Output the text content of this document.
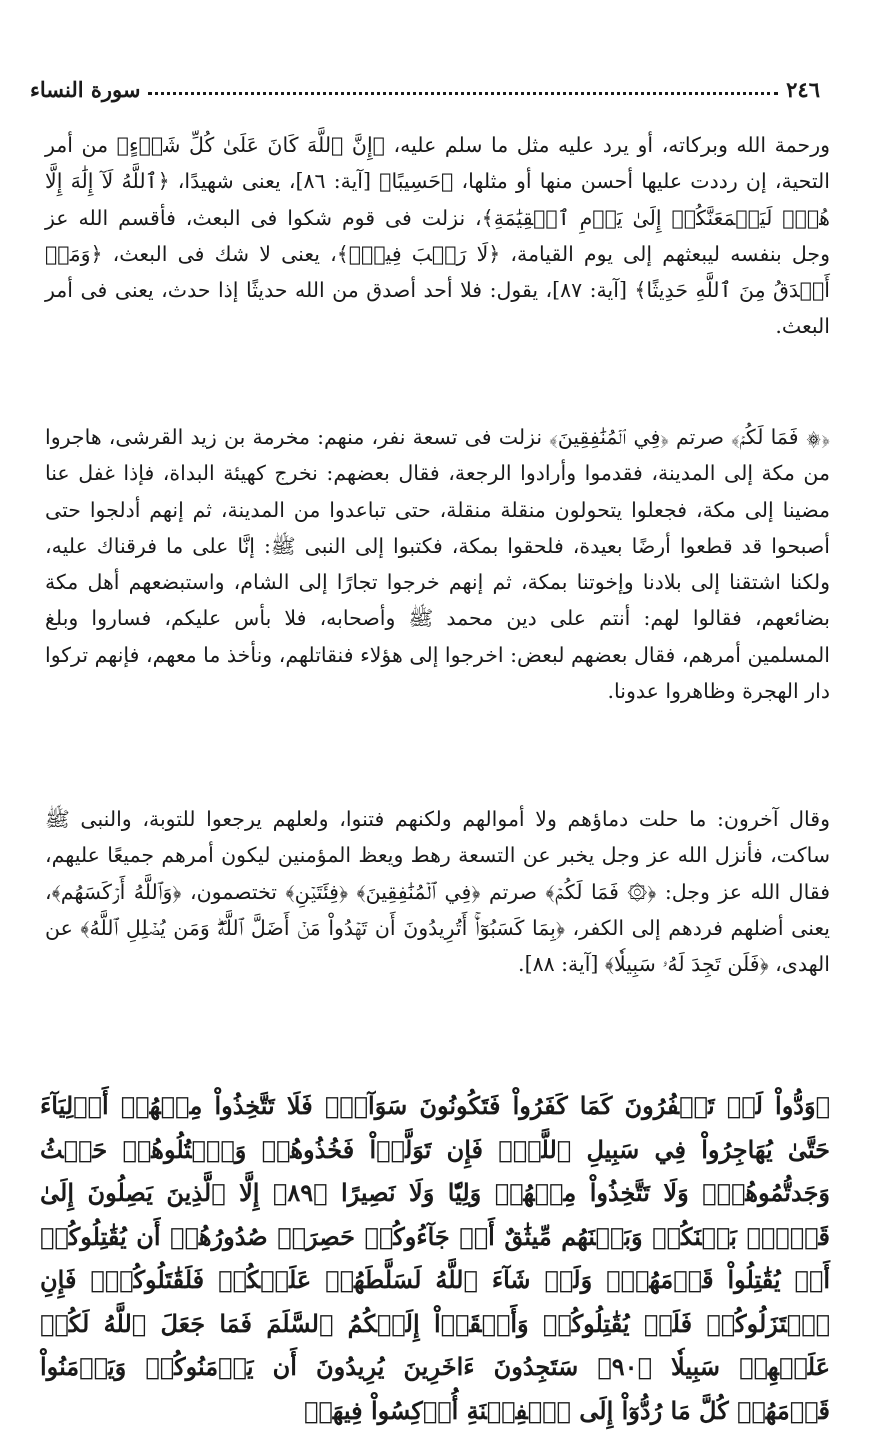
٢٤٦
سورة النساء

ورحمة الله وبركاته، أو يرد عليه مثل ما سلم عليه، ﴿إِنَّ ٱللَّهَ كَانَ عَلَىٰ كُلِّ شَيۡءٍ﴾ من أمر التحية، إن رددت عليها أحسن منها أو مثلها، ﴿حَسِيبًا﴾ [آية: ٨٦]، يعنى شهيدًا، ﴿ٱللَّهُ لَآ إِلَٰهَ إِلَّا هُوَۚ لَيَجۡمَعَنَّكُمۡ إِلَىٰ يَوۡمِ ٱلۡقِيَٰمَةِ﴾، نزلت فى قوم شكوا فى البعث، فأقسم الله عز وجل بنفسه ليبعثهم إلى يوم القيامة، ﴿لَا رَيۡبَ فِيهِۗ﴾، يعنى لا شك فى البعث، ﴿وَمَنۡ أَصۡدَقُ مِنَ ٱللَّهِ حَدِيثًا﴾ [آية: ٨٧]، يقول: فلا أحد أصدق من الله حديثًا إذا حدث، يعنى فى أمر البعث.

﴿۞ فَمَا لَكُمۡ﴾ صرتم ﴿فِي ٱلۡمُنَٰفِقِينَ﴾ نزلت فى تسعة نفر، منهم: مخرمة بن زيد القرشى، هاجروا من مكة إلى المدينة، فقدموا وأرادوا الرجعة، فقال بعضهم: نخرج كهيئة البداة، فإذا غفل عنا مضينا إلى مكة، فجعلوا يتحولون منقلة منقلة، حتى تباعدوا من المدينة، ثم إنهم أدلجوا حتى أصبحوا قد قطعوا أرضًا بعيدة، فلحقوا بمكة، فكتبوا إلى النبى ﷺ: إنَّا على ما فرقناك عليه، ولكنا اشتقنا إلى بلادنا وإخوتنا بمكة، ثم إنهم خرجوا تجارًا إلى الشام، واستبضعهم أهل مكة بضائعهم، فقالوا لهم: أنتم على دين محمد ﷺ وأصحابه، فلا بأس عليكم، فساروا وبلغ المسلمين أمرهم، فقال بعضهم لبعض: اخرجوا إلى هؤلاء فنقاتلهم، ونأخذ ما معهم، فإنهم تركوا دار الهجرة وظاهروا عدونا.

وقال آخرون: ما حلت دماؤهم ولا أموالهم ولكنهم فتنوا، ولعلهم يرجعوا للتوبة، والنبى ﷺ ساكت، فأنزل الله عز وجل يخبر عن التسعة رهط ويعظ المؤمنين ليكون أمرهم جميعًا عليهم، فقال الله عز وجل: ﴿۞ فَمَا لَكُمۡ﴾ صرتم ﴿فِي ٱلۡمُنَٰفِقِينَ﴾ ﴿فِئَتَيۡنِ﴾ تختصمون، ﴿وَٱللَّهُ أَرۡكَسَهُم﴾، يعنى أضلهم فردهم إلى الكفر، ﴿بِمَا كَسَبُوٓاْۚ أَتُرِيدُونَ أَن تَهۡدُواْ مَنۡ أَضَلَّ ٱللَّهُۖ وَمَن يُضۡلِلِ ٱللَّهُ﴾ عن الهدى، ﴿فَلَن تَجِدَ لَهُۥ سَبِيلٗا﴾ [آية: ٨٨].

﴿وَدُّواْ لَوۡ تَكۡفُرُونَ كَمَا كَفَرُواْ فَتَكُونُونَ سَوَآءٗۖ فَلَا تَتَّخِذُواْ مِنۡهُمۡ أَوۡلِيَآءَ حَتَّىٰ يُهَاجِرُواْ فِي سَبِيلِ ٱللَّهِۚ فَإِن تَوَلَّوۡاْ فَخُذُوهُمۡ وَٱقۡتُلُوهُمۡ حَيۡثُ وَجَدتُّمُوهُمۡۖ وَلَا تَتَّخِذُواْ مِنۡهُمۡ وَلِيّٗا وَلَا نَصِيرًا ﴿٨٩﴾ إِلَّا ٱلَّذِينَ يَصِلُونَ إِلَىٰ قَوۡمِۭ بَيۡنَكُمۡ وَبَيۡنَهُم مِّيثَٰقٌ أَوۡ جَآءُوكُمۡ حَصِرَتۡ صُدُورُهُمۡ أَن يُقَٰتِلُوكُمۡ أَوۡ يُقَٰتِلُواْ قَوۡمَهُمۡۚ وَلَوۡ شَآءَ ٱللَّهُ لَسَلَّطَهُمۡ عَلَيۡكُمۡ فَلَقَٰتَلُوكُمۡۚ فَإِنِ ٱعۡتَزَلُوكُمۡ فَلَمۡ يُقَٰتِلُوكُمۡ وَأَلۡقَوۡاْ إِلَيۡكُمُ ٱلسَّلَمَ فَمَا جَعَلَ ٱللَّهُ لَكُمۡ عَلَيۡهِمۡ سَبِيلٗا ﴿٩٠﴾ سَتَجِدُونَ ءَاخَرِينَ يُرِيدُونَ أَن يَأۡمَنُوكُمۡ وَيَأۡمَنُواْ قَوۡمَهُمۡ كُلَّ مَا رُدُّوٓاْ إِلَى ٱلۡفِتۡنَةِ أُرۡكِسُواْ فِيهَاۚ
